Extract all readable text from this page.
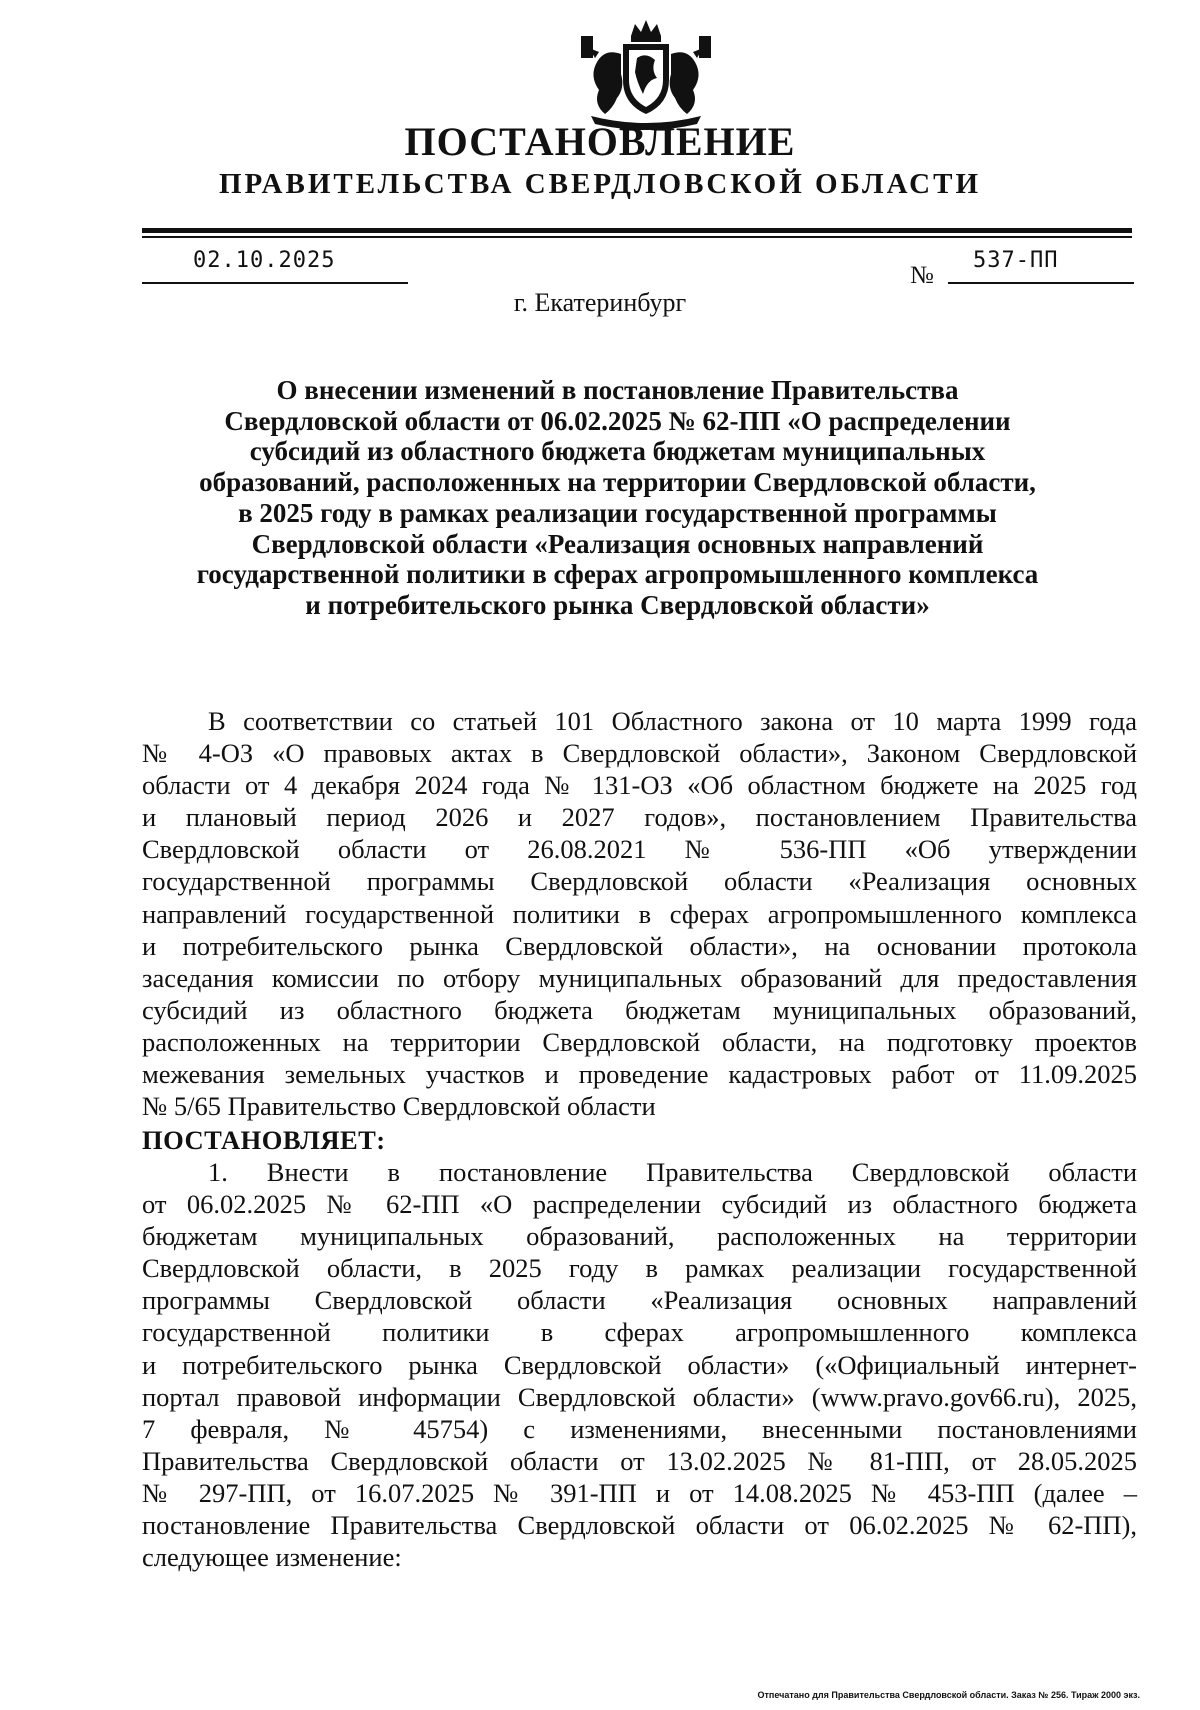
ПОСТАНОВЛЕНИЕ
ПРАВИТЕЛЬСТВА СВЕРДЛОВСКОЙ ОБЛАСТИ
02.10.2025
№
537-ПП
г. Екатеринбург
О внесении изменений в постановление Правительства
Свердловской области от 06.02.2025 № 62-ПП «О распределении
субсидий из областного бюджета бюджетам муниципальных
образований, расположенных на территории Свердловской области,
в 2025 году в рамках реализации государственной программы
Свердловской области «Реализация основных направлений
государственной политики в сферах агропромышленного комплекса
и потребительского рынка Свердловской области»
В соответствии со статьей 101 Областного закона от 10 марта 1999 года
№ 4-ОЗ «О правовых актах в Свердловской области», Законом Свердловской
области от 4 декабря 2024 года № 131-ОЗ «Об областном бюджете на 2025 год
и плановый период 2026 и 2027 годов», постановлением Правительства
Свердловской области от 26.08.2021 № 536-ПП «Об утверждении
государственной программы Свердловской области «Реализация основных
направлений государственной политики в сферах агропромышленного комплекса
и потребительского рынка Свердловской области», на основании протокола
заседания комиссии по отбору муниципальных образований для предоставления
субсидий из областного бюджета бюджетам муниципальных образований,
расположенных на территории Свердловской области, на подготовку проектов
межевания земельных участков и проведение кадастровых работ от 11.09.2025
№ 5/65 Правительство Свердловской области
ПОСТАНОВЛЯЕТ:
1. Внести в постановление Правительства Свердловской области
от 06.02.2025 № 62-ПП «О распределении субсидий из областного бюджета
бюджетам муниципальных образований, расположенных на территории
Свердловской области, в 2025 году в рамках реализации государственной
программы Свердловской области «Реализация основных направлений
государственной политики в сферах агропромышленного комплекса
и потребительского рынка Свердловской области» («Официальный интернет-
портал правовой информации Свердловской области» (www.pravo.gov66.ru), 2025,
7 февраля, № 45754) с изменениями, внесенными постановлениями
Правительства Свердловской области от 13.02.2025 № 81-ПП, от 28.05.2025
№ 297-ПП, от 16.07.2025 № 391-ПП и от 14.08.2025 № 453-ПП (далее –
постановление Правительства Свердловской области от 06.02.2025 № 62-ПП),
следующее изменение:
Отпечатано для Правительства Свердловской области. Заказ № 256. Тираж 2000 экз.
